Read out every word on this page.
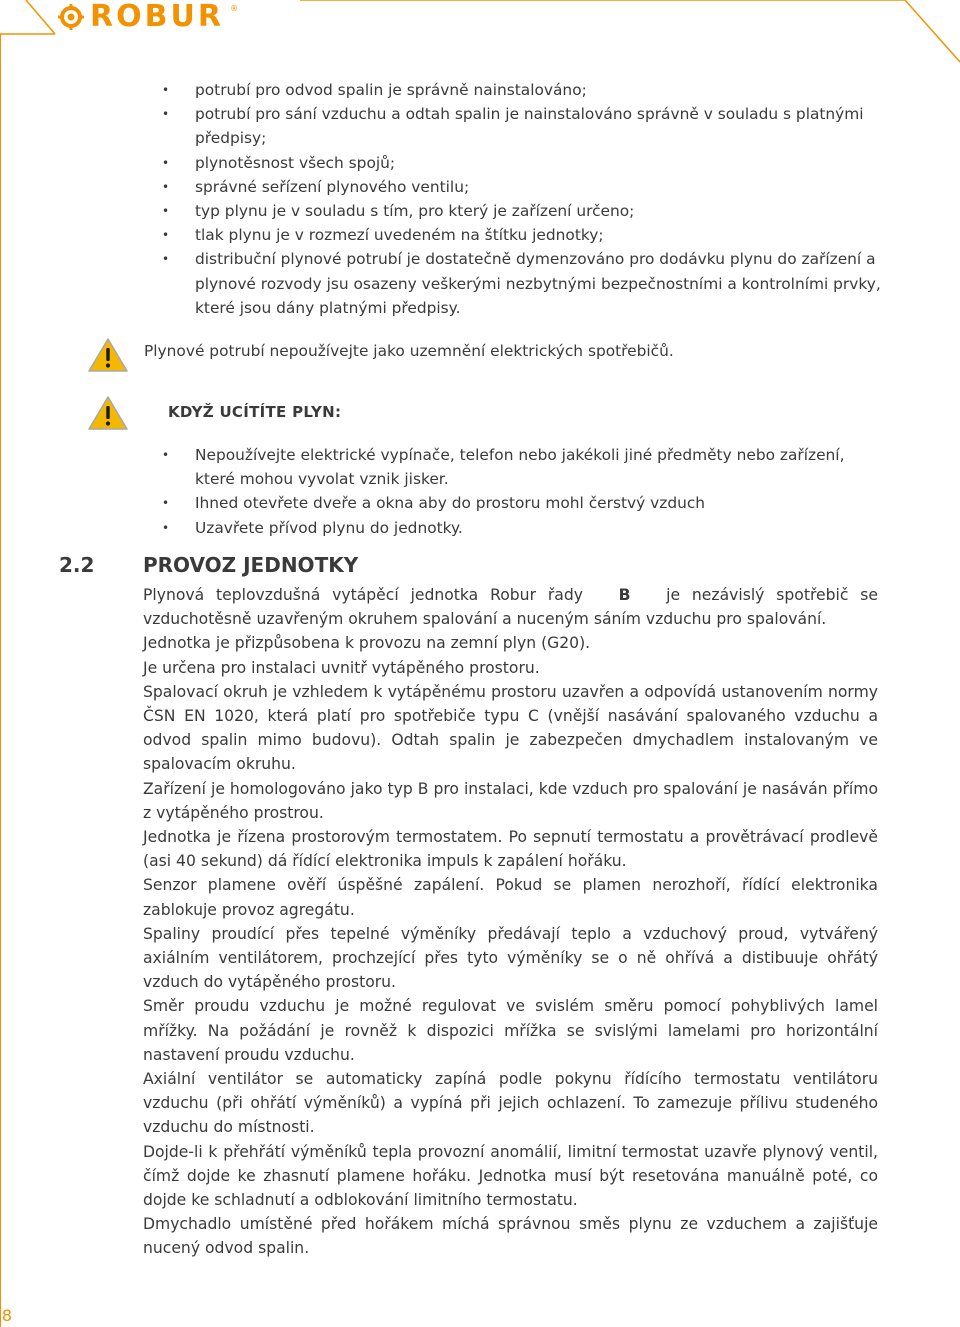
ROBUR ®
• potrubí pro odvod spalin je správně nainstalováno;
• potrubí pro sání vzduchu a odtah spalin je nainstalováno správně v souladu s platnými předpisy;
• plynotěsnost všech spojů;
• správné seřízení plynového ventilu;
• typ plynu je v souladu s tím, pro který je zařízení určeno;
• tlak plynu je v rozmezí uvedeném na štítku jednotky;
• distribuční plynové potrubí je dostatečně dymenzováno pro dodávku plynu do zařízení a plynové rozvody jsu osazeny veškerými nezbytnými bezpečnostními a kontrolními prvky, které jsou dány platnými předpisy.
Plynové potrubí nepoužívejte jako uzemnění elektrických spotřebičů.
KDYŽ UCÍTÍTE PLYN:
• Nepoužívejte elektrické vypínače, telefon nebo jakékoli jiné předměty nebo zařízení, které mohou vyvolat vznik jisker.
• Ihned otevřete dveře a okna aby do prostoru mohl čerstvý vzduch
• Uzavřete přívod plynu do jednotky.
2.2 PROVOZ JEDNOTKY

Plynová teplovzdušná vytápěcí jednotka Robur řady B je nezávislý spotřebič se vzduchotěsně uzavřeným okruhem spalování a nuceným sáním vzduchu pro spalování.

Jednotka je přizpůsobena k provozu na zemní plyn (G20).

Je určena pro instalaci uvnitř vytápěného prostoru.

Spalovací okruh je vzhledem k vytápěnému prostoru uzavřen a odpovídá ustanovením normy ČSN EN 1020, která platí pro spotřebiče typu C (vnější nasávání spalovaného vzduchu a odvod spalin mimo budovu). Odtah spalin je zabezpečen dmychadlem instalovaným ve spalovacím okruhu.

Zařízení je homologováno jako typ B pro instalaci, kde vzduch pro spalování je nasáván přímo z vytápěného prostrou.

Jednotka je řízena prostorovým termostatem. Po sepnutí termostatu a provětrávací prodlevě (asi 40 sekund) dá řídící elektronika impuls k zapálení hořáku.

Senzor plamene ověří úspěšné zapálení. Pokud se plamen nerozhoří, řídící elektronika zablokuje provoz agregátu.

Spaliny proudící přes tepelné výměníky předávají teplo a vzduchový proud, vytvářený axiálním ventilátorem, prochzející přes tyto výměníky se o ně ohřívá a distibuuje ohřátý vzduch do vytápěného prostoru.

Směr proudu vzduchu je možné regulovat ve svislém směru pomocí pohyblivých lamel mřížky. Na požádání je rovněž k dispozici mřížka se svislými lamelami pro horizontální nastavení proudu vzduchu.

Axiální ventilátor se automaticky zapíná podle pokynu řídícího termostatu ventilátoru vzduchu (při ohřátí výměníků) a vypíná při jejich ochlazení. To zamezuje přílivu studeného vzduchu do místnosti.

Dojde-li k přehřátí výměníků tepla provozní anomálií, limitní termostat uzavře plynový ventil, čímž dojde ke zhasnutí plamene hořáku. Jednotka musí být resetována manuálně poté, co dojde ke schladnutí a odblokování limitního termostatu.

Dmychadlo umístěné před hořákem míchá správnou směs plynu ze vzduchem a zajišťuje nucený odvod spalin.

8
